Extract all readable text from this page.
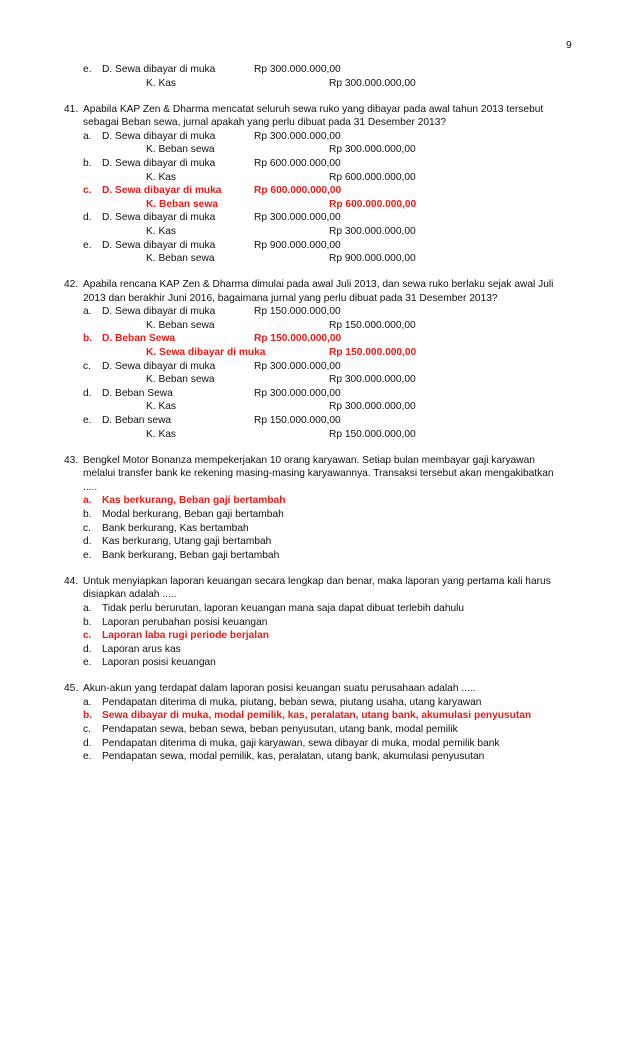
9
e. D. Sewa dibayar di muka	Rp 300.000.000,00
K. Kas	Rp 300.000.000,00
41. Apabila KAP Zen & Dharma mencatat seluruh sewa ruko yang dibayar pada awal tahun 2013 tersebut
sebagai Beban sewa, jurnal apakah yang perlu dibuat pada 31 Desember 2013?
a. D. Sewa dibayar di muka	Rp 300.000.000,00
K. Beban sewa	Rp 300.000.000,00
b. D. Sewa dibayar di muka	Rp 600.000.000,00
K. Kas	Rp 600.000.000,00
c. D. Sewa dibayar di muka	Rp 600.000.000,00
K. Beban sewa	Rp 600.000.000,00
d. D. Sewa dibayar di muka	Rp 300.000.000,00
K. Kas	Rp 300.000.000,00
e. D. Sewa dibayar di muka	Rp 900.000.000,00
K. Beban sewa	Rp 900.000.000,00
42. Apabila rencana KAP Zen & Dharma dimulai pada awal Juli 2013, dan sewa ruko berlaku sejak awal Juli
2013 dan berakhir Juni 2016, bagaimana jurnal yang perlu dibuat pada 31 Desember 2013?
a. D. Sewa dibayar di muka	Rp 150.000.000,00
K. Beban sewa	Rp 150.000.000,00
b. D. Beban Sewa	Rp 150.000.000,00
K. Sewa dibayar di muka	Rp 150.000.000,00
c. D. Sewa dibayar di muka	Rp 300.000.000,00
K. Beban sewa	Rp 300.000.000,00
d. D. Beban Sewa	Rp 300.000.000,00
K. Kas	Rp 300.000.000,00
e. D. Beban sewa	Rp 150.000.000,00
K. Kas	Rp 150.000.000,00
43. Bengkel Motor Bonanza mempekerjakan 10 orang karyawan. Setiap bulan membayar gaji karyawan
melalui transfer bank ke rekening masing-masing karyawannya. Transaksi tersebut akan mengakibatkan
.....
a. Kas berkurang, Beban gaji bertambah
b. Modal berkurang, Beban gaji bertambah
c. Bank berkurang, Kas bertambah
d. Kas berkurang, Utang gaji bertambah
e. Bank berkurang, Beban gaji bertambah
44. Untuk menyiapkan laporan keuangan secara lengkap dan benar, maka laporan yang pertama kali harus
disiapkan adalah .....
a. Tidak perlu berurutan, laporan keuangan mana saja dapat dibuat terlebih dahulu
b. Laporan perubahan posisi keuangan
c. Laporan laba rugi periode berjalan
d. Laporan arus kas
e. Laporan posisi keuangan
45. Akun-akun yang terdapat dalam laporan posisi keuangan suatu perusahaan adalah .....
a. Pendapatan diterima di muka, piutang, beban sewa, piutang usaha, utang karyawan
b. Sewa dibayar di muka, modal pemilik, kas, peralatan, utang bank, akumulasi penyusutan
c. Pendapatan sewa, beban sewa, beban penyusutan, utang bank, modal pemilik
d. Pendapatan diterima di muka, gaji karyawan, sewa dibayar di muka, modal pemilik bank
e. Pendapatan sewa, modal pemilik, kas, peralatan, utang bank, akumulasi penyusutan
